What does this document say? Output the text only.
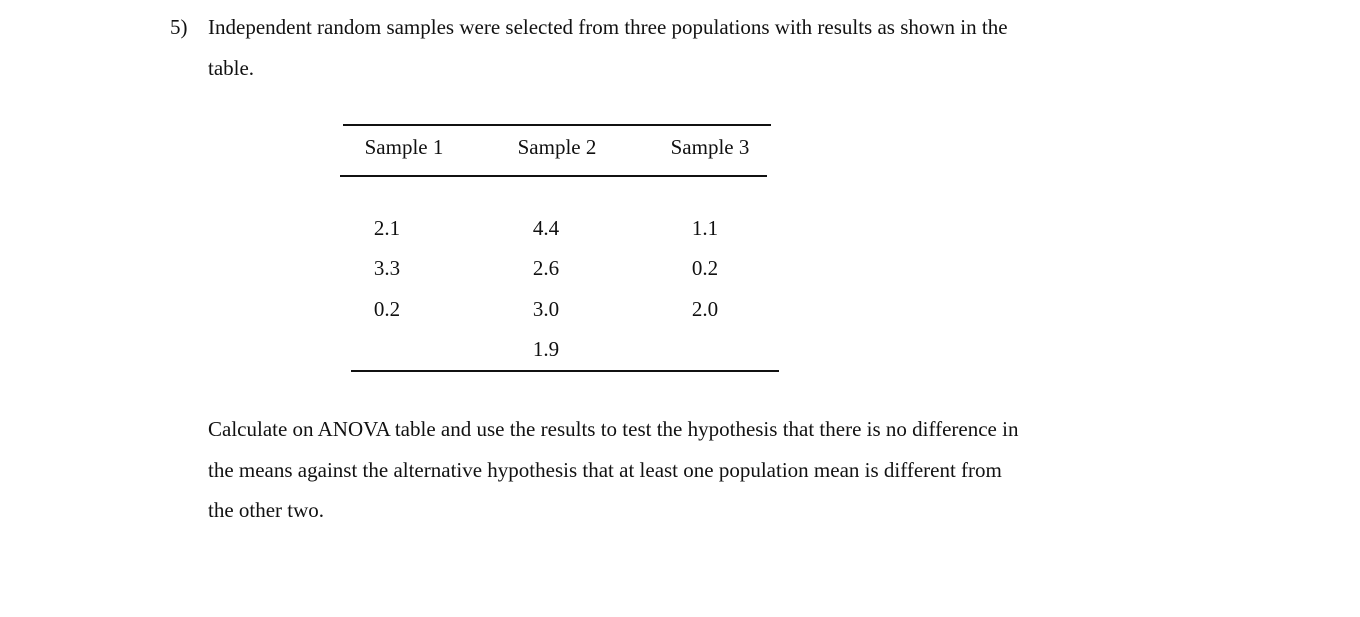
5) Independent random samples were selected from three populations with results as shown in the
table.
Sample 1	Sample 2	Sample 3
2.1
3.3
0.2
4.4
2.6
3.0
1.9
1.1
0.2
2.0
Calculate on ANOVA table and use the results to test the hypothesis that there is no difference in
the means against the alternative hypothesis that at least one population mean is different from
the other two.
